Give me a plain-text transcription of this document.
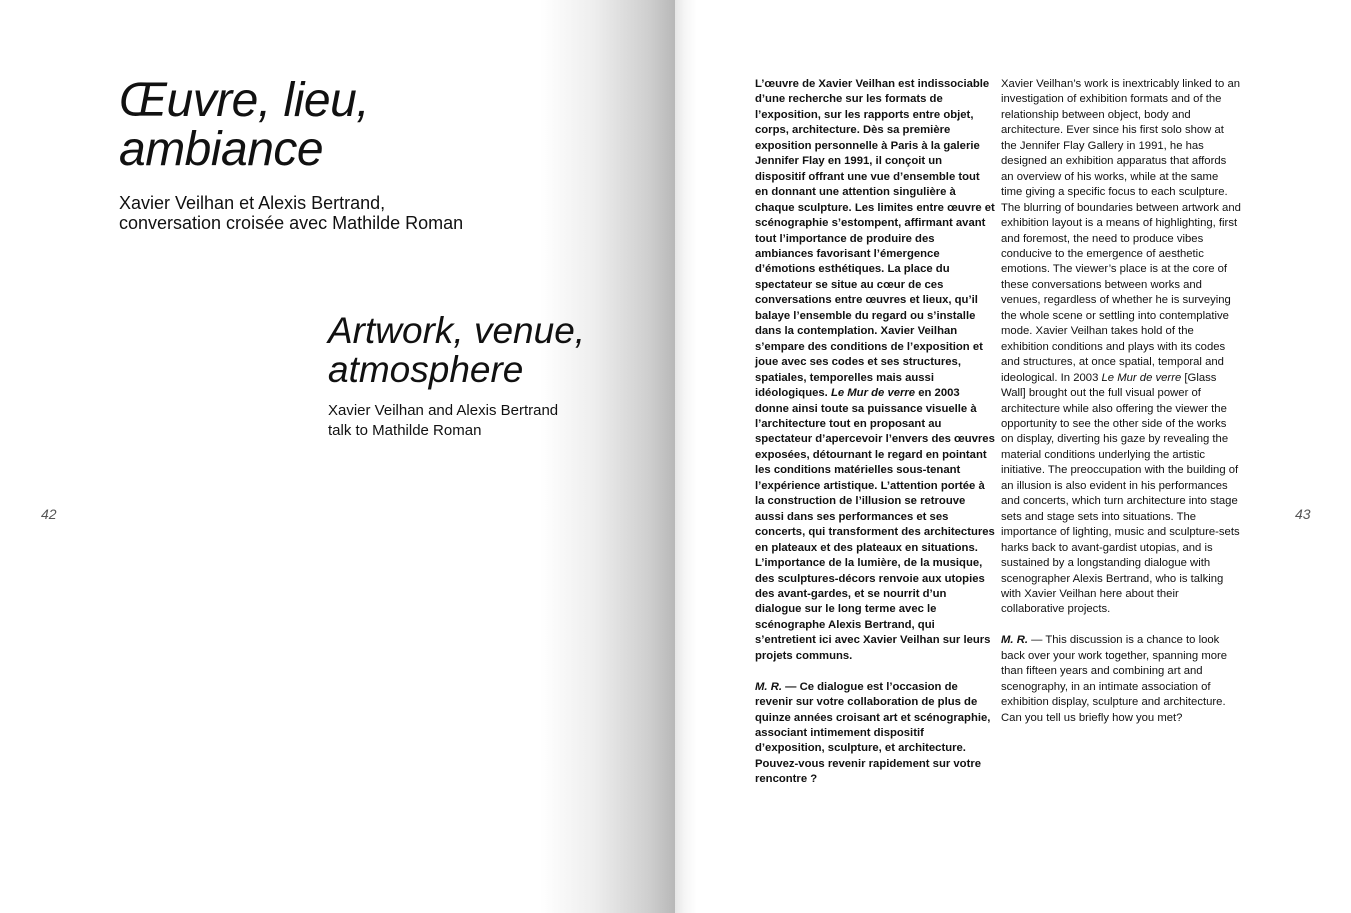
Œuvre, lieu,
ambiance
Xavier Veilhan et Alexis Bertrand,
conversation croisée avec Mathilde Roman
Artwork, venue,
atmosphere
Xavier Veilhan and Alexis Bertrand
talk to Mathilde Roman
42

L’œuvre de Xavier Veilhan est indissociable d’une recherche sur les formats de l’exposition, sur les rapports entre objet, corps, architecture. Dès sa première exposition personnelle à Paris à la galerie Jennifer Flay en 1991, il conçoit un dispositif offrant une vue d’ensemble tout en donnant une attention singulière à chaque sculpture. Les limites entre œuvre et scénographie s’estompent, affirmant avant tout l’importance de produire des ambiances favorisant l’émergence d’émotions esthétiques. La place du spectateur se situe au cœur de ces conversations entre œuvres et lieux, qu’il balaye l’ensemble du regard ou s’installe dans la contemplation. Xavier Veilhan s’empare des conditions de l’exposition et joue avec ses codes et ses structures, spatiales, temporelles mais aussi idéologiques. Le Mur de verre en 2003 donne ainsi toute sa puissance visuelle à l’architecture tout en proposant au spectateur d’apercevoir l’envers des œuvres exposées, détournant le regard en pointant les conditions matérielles sous-tenant l’expérience artistique. L’attention portée à la construction de l’illusion se retrouve aussi dans ses performances et ses concerts, qui transforment des architectures en plateaux et des plateaux en situations. L’importance de la lumière, de la musique, des sculptures-décors renvoie aux utopies des avant-gardes, et se nourrit d’un dialogue sur le long terme avec le scénographe Alexis Bertrand, qui s’entretient ici avec Xavier Veilhan sur leurs projets communs.

M. R. — Ce dialogue est l’occasion de revenir sur votre collaboration de plus de quinze années croisant art et scénographie, associant intimement dispositif d’exposition, sculpture, et architecture. Pouvez-vous revenir rapidement sur votre rencontre ?

Xavier Veilhan’s work is inextricably linked to an investigation of exhibition formats and of the relationship between object, body and architecture. Ever since his first solo show at the Jennifer Flay Gallery in 1991, he has designed an exhibition apparatus that affords an overview of his works, while at the same time giving a specific focus to each sculpture. The blurring of boundaries between artwork and exhibition layout is a means of highlighting, first and foremost, the need to produce vibes conducive to the emergence of aesthetic emotions. The viewer’s place is at the core of these conversations between works and venues, regardless of whether he is surveying the whole scene or settling into contemplative mode. Xavier Veilhan takes hold of the exhibition conditions and plays with its codes and structures, at once spatial, temporal and ideological. In 2003 Le Mur de verre [Glass Wall] brought out the full visual power of architecture while also offering the viewer the opportunity to see the other side of the works on display, diverting his gaze by revealing the material conditions underlying the artistic initiative. The preoccupation with the building of an illusion is also evident in his performances and concerts, which turn architecture into stage sets and stage sets into situations. The importance of lighting, music and sculpture-sets harks back to avant-gardist utopias, and is sustained by a longstanding dialogue with scenographer Alexis Bertrand, who is talking with Xavier Veilhan here about their collaborative projects.

M. R. — This discussion is a chance to look back over your work together, spanning more than fifteen years and combining art and scenography, in an intimate association of exhibition display, sculpture and architecture. Can you tell us briefly how you met?

43
